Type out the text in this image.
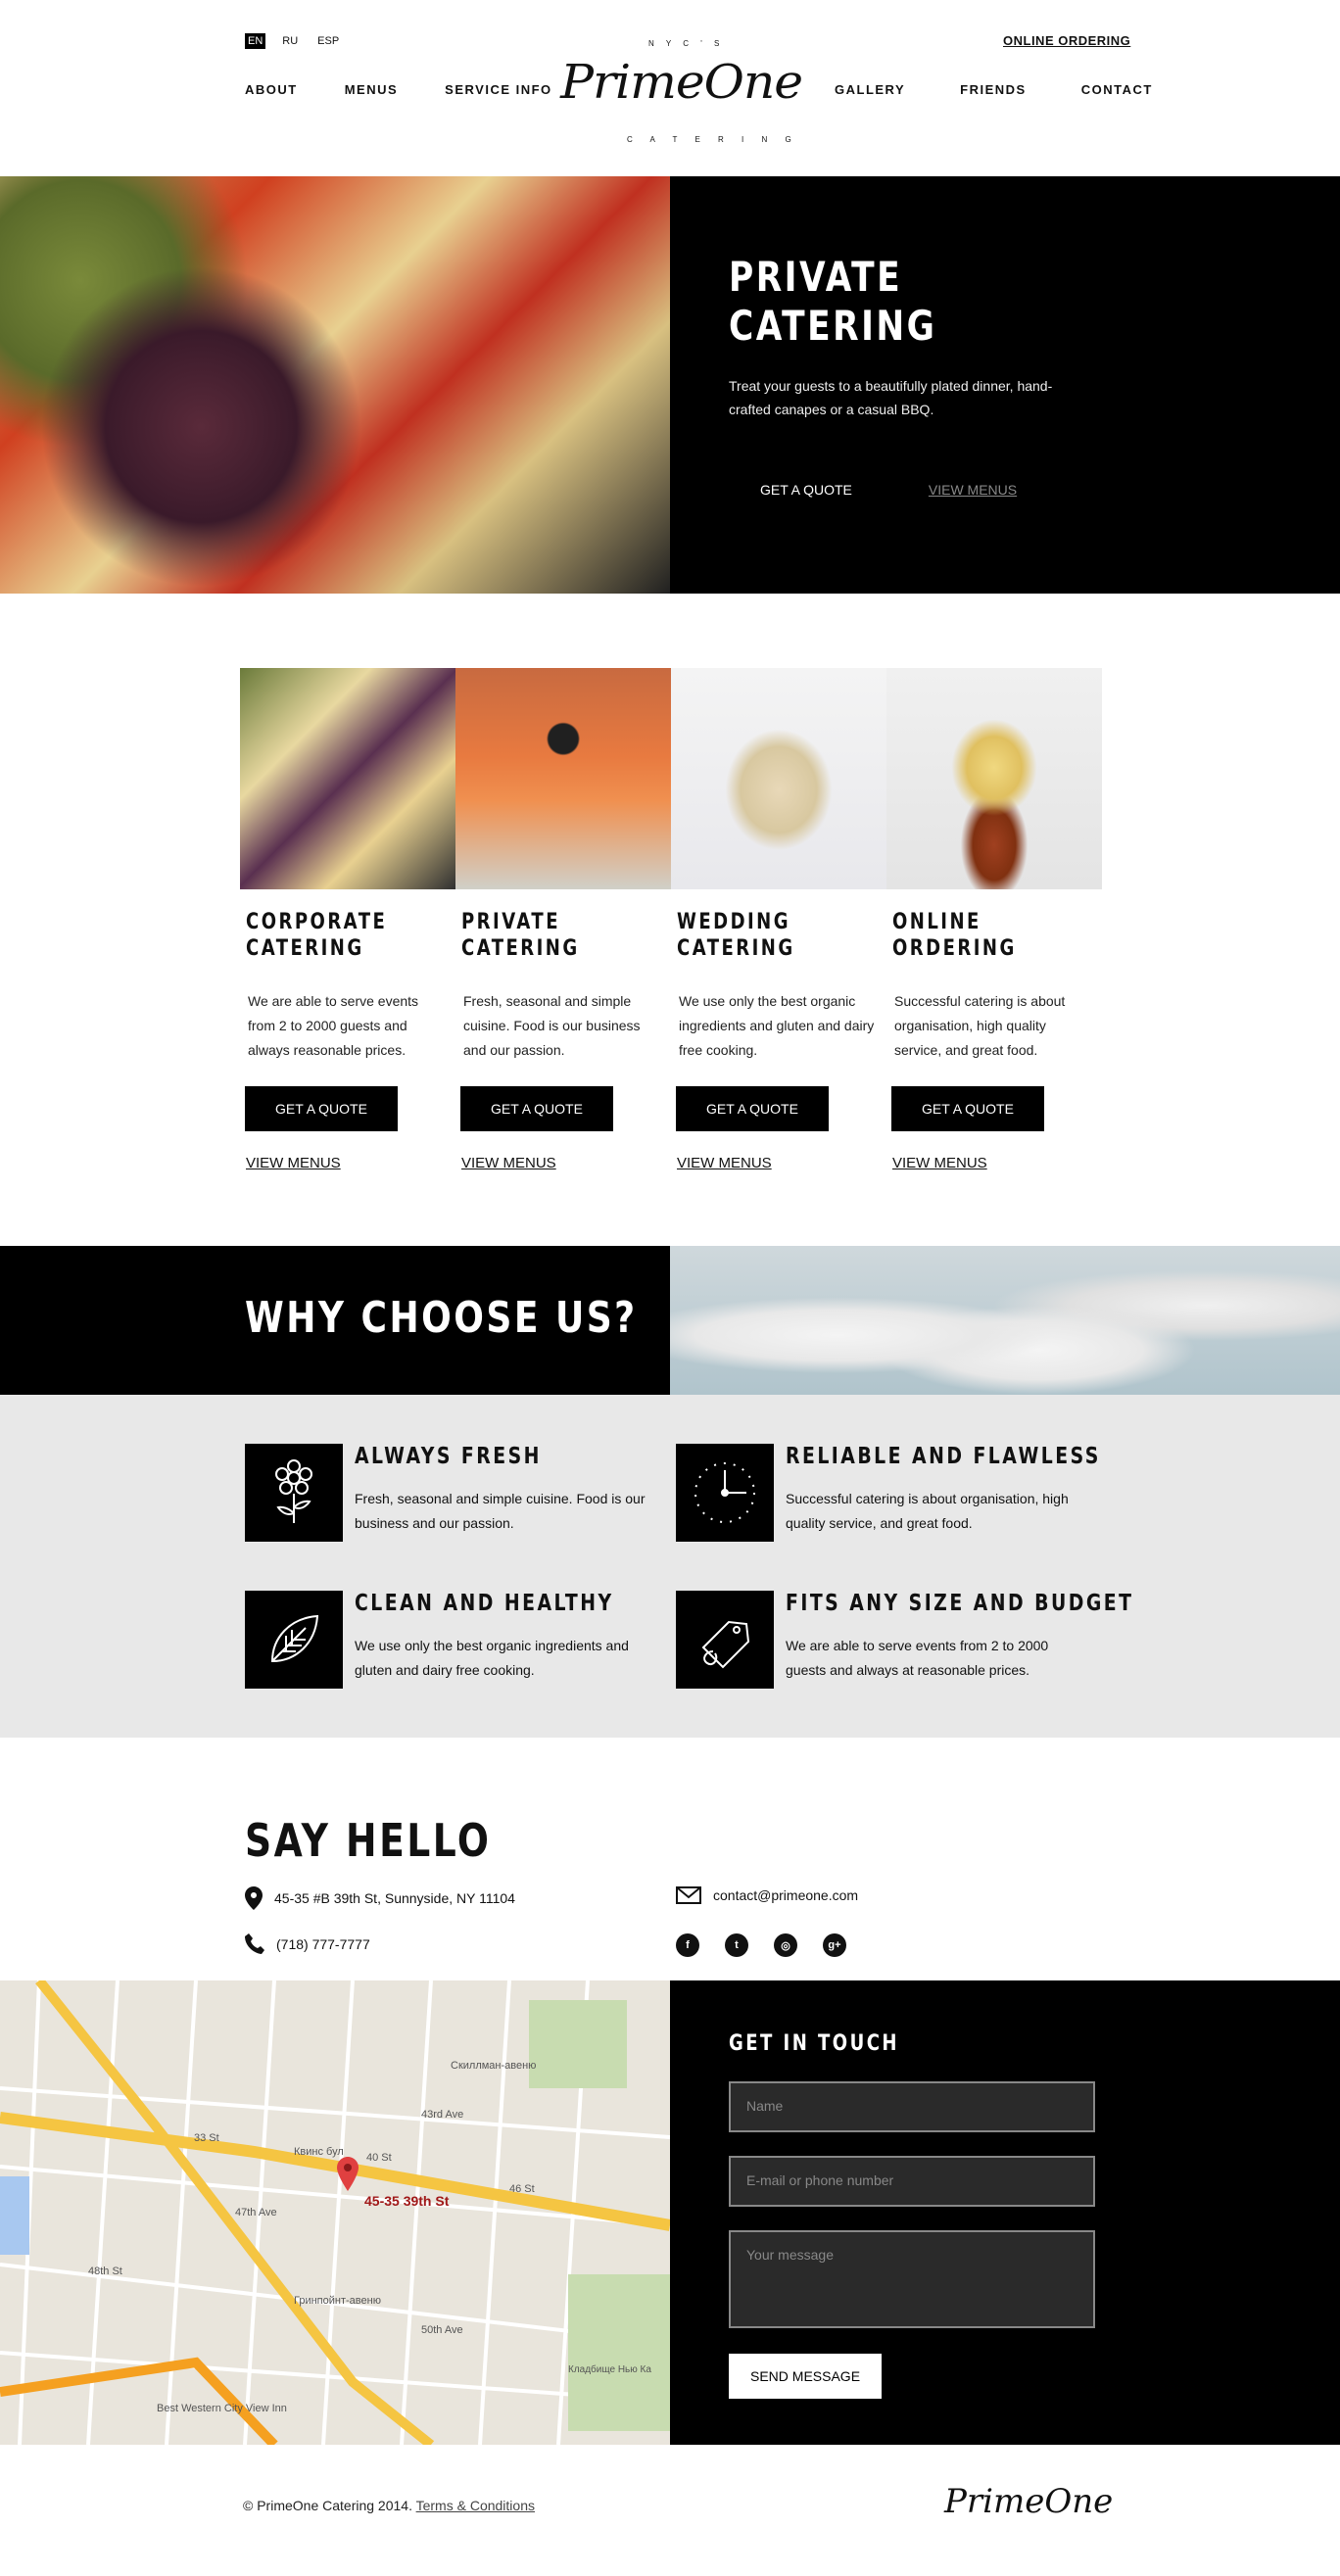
EN RU ESP	ONLINE ORDERING
ABOUT	MENUS	SERVICE INFO
N Y C ' S
PrimeOne
C A T E R I N G
GALLERY	FRIENDS	CONTACT
PRIVATE
CATERING

Treat your guests to a beautifully plated dinner, hand-crafted canapes or a casual BBQ.

GET A QUOTE	VIEW MENUS
CORPORATE
CATERING

We are able to serve events from 2 to 2000 guests and always reasonable prices.

GET A QUOTE
VIEW MENUS
PRIVATE
CATERING

Fresh, seasonal and simple cuisine. Food is our business and our passion.

GET A QUOTE
VIEW MENUS
WEDDING
CATERING

We use only the best organic ingredients and gluten and dairy free cooking.

GET A QUOTE
VIEW MENUS
ONLINE
ORDERING

Successful catering is about organisation, high quality service, and great food.

GET A QUOTE
VIEW MENUS
WHY CHOOSE US?
ALWAYS FRESH

Fresh, seasonal and simple cuisine. Food is our business and our passion.

RELIABLE AND FLAWLESS

Successful catering is about organisation, high quality service, and great food.

CLEAN AND HEALTHY

We use only the best organic ingredients and gluten and dairy free cooking.

FITS ANY SIZE AND BUDGET

We are able to serve events from 2 to 2000 guests and always at reasonable prices.

SAY HELLO
45-35 #B 39th St, Sunnyside, NY 11104
(718) 777-7777
contact@primeone.com
f	t	◎	g+
45-35 39th St
Квинс бул
33 St
40 St
46 St
47th Ave
Гринпойнт-авеню
50th Ave
48th St
Скиллман-авеню
43rd Ave
Best Western City View Inn
Кладбище Нью Ка
GET IN TOUCH
Name
E-mail or phone number
Your message
SEND MESSAGE
© PrimeOne Catering 2014. Terms & Conditions	PrimeOne
